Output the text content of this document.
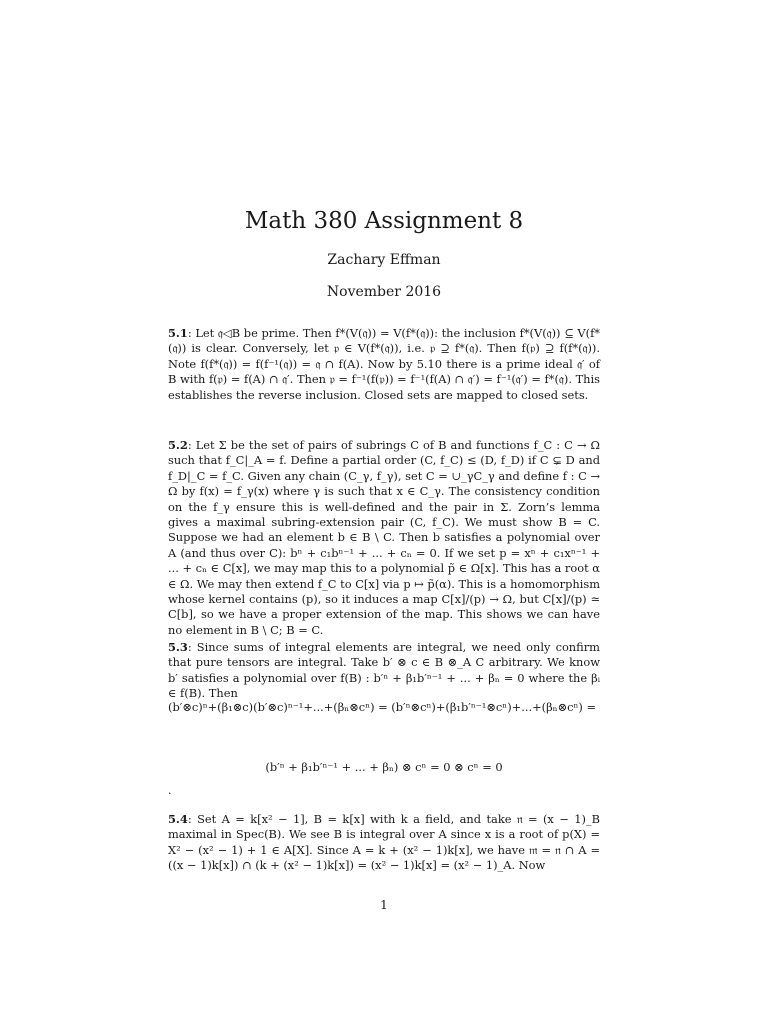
Math 380 Assignment 8
Zachary Effman
November 2016
5.1: Let 𝔮◁B be prime. Then f*(V(𝔮)) = V(f*(𝔮)): the inclusion f*(V(𝔮)) ⊆ V(f*(𝔮)) is clear. Conversely, let 𝔭 ∈ V(f*(𝔮)), i.e. 𝔭 ⊇ f*(𝔮). Then f(𝔭) ⊇ f(f*(𝔮)). Note f(f*(𝔮)) = f(f⁻¹(𝔮)) = 𝔮 ∩ f(A). Now by 5.10 there is a prime ideal 𝔮′ of B with f(𝔭) = f(A) ∩ 𝔮′. Then 𝔭 = f⁻¹(f(𝔭)) = f⁻¹(f(A) ∩ 𝔮′) = f⁻¹(𝔮′) = f*(𝔮). This establishes the reverse inclusion. Closed sets are mapped to closed sets.
5.2: Let Σ be the set of pairs of subrings C of B and functions f_C : C → Ω such that f_C|_A = f. Define a partial order (C, f_C) ≤ (D, f_D) if C ⊊ D and f_D|_C = f_C. Given any chain (C_γ, f_γ), set C = ∪_γC_γ and define f : C → Ω by f(x) = f_γ(x) where γ is such that x ∈ C_γ. The consistency condition on the f_γ ensure this is well-defined and the pair in Σ. Zorn’s lemma gives a maximal subring-extension pair (C, f_C). We must show B = C. Suppose we had an element b ∈ B \ C. Then b satisfies a polynomial over A (and thus over C): bⁿ + c₁bⁿ⁻¹ + ... + cₙ = 0. If we set p = xⁿ + c₁xⁿ⁻¹ + ... + cₙ ∈ C[x], we may map this to a polynomial p̃ ∈ Ω[x]. This has a root α ∈ Ω. We may then extend f_C to C[x] via p ↦ p̃(α). This is a homomorphism whose kernel contains (p), so it induces a map C[x]/(p) → Ω, but C[x]/(p) ≃ C[b], so we have a proper extension of the map. This shows we can have no element in B \ C; B = C.
5.3: Since sums of integral elements are integral, we need only confirm that pure tensors are integral. Take b′ ⊗ c ∈ B ⊗_A C arbitrary. We know b′ satisfies a polynomial over f(B) : b′ⁿ + β₁b′ⁿ⁻¹ + ... + βₙ = 0 where the βᵢ ∈ f(B). Then
(b′⊗c)ⁿ+(β₁⊗c)(b′⊗c)ⁿ⁻¹+...+(βₙ⊗cⁿ) = (b′ⁿ⊗cⁿ)+(β₁b′ⁿ⁻¹⊗cⁿ)+...+(βₙ⊗cⁿ) =
(b′ⁿ + β₁b′ⁿ⁻¹ + ... + βₙ) ⊗ cⁿ = 0 ⊗ cⁿ = 0
.
5.4: Set A = k[x² − 1], B = k[x] with k a field, and take 𝔫 = (x − 1)_B maximal in Spec(B). We see B is integral over A since x is a root of p(X) = X² − (x² − 1) + 1 ∈ A[X]. Since A = k + (x² − 1)k[x], we have 𝔪 = 𝔫 ∩ A = ((x − 1)k[x]) ∩ (k + (x² − 1)k[x]) = (x² − 1)k[x] = (x² − 1)_A. Now
1
